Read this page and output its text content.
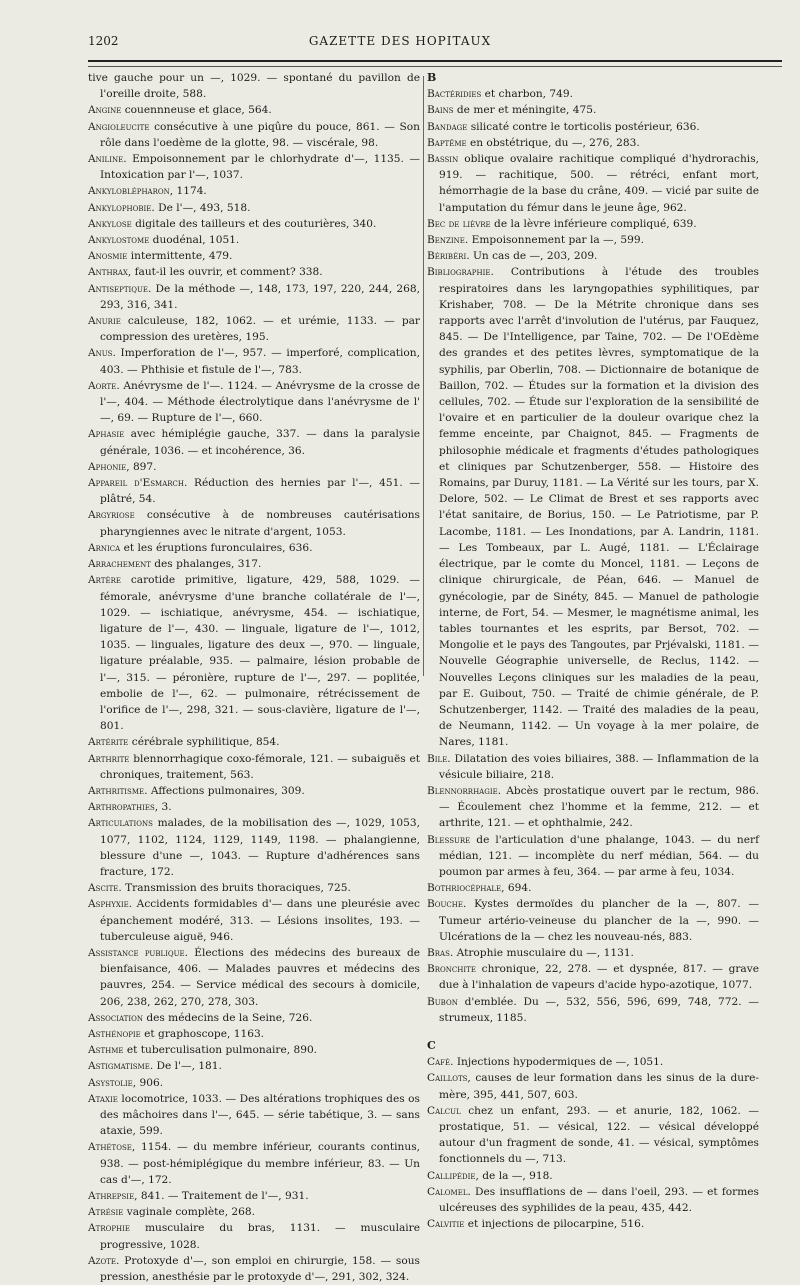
1202	GAZETTE DES HOPITAUX

tive gauche pour un —, 1029. — spontané du pavillon de l'oreille droite, 588.

Angine couennneuse et glace, 564.

Angioleucite consécutive à une piqûre du pouce, 861. — Son rôle dans l'oedème de la glotte, 98. — viscérale, 98.

Aniline. Empoisonnement par le chlorhydrate d'—, 1135. — Intoxication par l'—, 1037.

Ankyloblépharon, 1174.

Ankylophobie. De l'—, 493, 518.

Ankylose digitale des tailleurs et des couturières, 340.

Ankylostome duodénal, 1051.

Anosmie intermittente, 479.

Anthrax, faut-il les ouvrir, et comment? 338.

Antiseptique. De la méthode —, 148, 173, 197, 220, 244, 268, 293, 316, 341.

Anurie calculeuse, 182, 1062. — et urémie, 1133. — par compression des uretères, 195.

Anus. Imperforation de l'—, 957. — imperforé, complication, 403. — Phthisie et fistule de l'—, 783.

Aorte. Anévrysme de l'—. 1124. — Anévrysme de la crosse de l'—, 404. — Méthode électrolytique dans l'anévrysme de l' —, 69. — Rupture de l'—, 660.

Aphasie avec hémiplégie gauche, 337. — dans la paralysie générale, 1036. — et incohérence, 36.

Aphonie, 897.

Appareil d'Esmarch. Réduction des hernies par l'—, 451. — plâtré, 54.

Argyriose consécutive à de nombreuses cautérisations pharyngiennes avec le nitrate d'argent, 1053.

Arnica et les éruptions furonculaires, 636.

Arrachement des phalanges, 317.

Artère carotide primitive, ligature, 429, 588, 1029. — fémorale, anévrysme d'une branche collatérale de l'—, 1029. — ischiatique, anévrysme, 454. — ischiatique, ligature de l'—, 430. — linguale, ligature de l'—, 1012, 1035. — linguales, ligature des deux —, 970. — linguale, ligature préalable, 935. — palmaire, lésion probable de l'—, 315. — péronière, rupture de l'—, 297. — poplitée, embolie de l'—, 62. — pulmonaire, rétrécissement de l'orifice de l'—, 298, 321. — sous-clavière, ligature de l'—, 801.

Artérite cérébrale syphilitique, 854.

Arthrite blennorrhagique coxo-fémorale, 121. — subaiguës et chroniques, traitement, 563.

Arthritisme. Affections pulmonaires, 309.

Arthropathies, 3.

Articulations malades, de la mobilisation des —, 1029, 1053, 1077, 1102, 1124, 1129, 1149, 1198. — phalangienne, blessure d'une —, 1043. — Rupture d'adhérences sans fracture, 172.

Ascite. Transmission des bruits thoraciques, 725.

Asphyxie. Accidents formidables d'— dans une pleurésie avec épanchement modéré, 313. — Lésions insolites, 193. — tuberculeuse aiguë, 946.

Assistance publique. Élections des médecins des bureaux de bienfaisance, 406. — Malades pauvres et médecins des pauvres, 254. — Service médical des secours à domicile, 206, 238, 262, 270, 278, 303.

Association des médecins de la Seine, 726.

Asthénopie et graphoscope, 1163.

Asthme et tuberculisation pulmonaire, 890.

Astigmatisme. De l'—, 181.

Asystolie, 906.

Ataxie locomotrice, 1033. — Des altérations trophiques des os des mâchoires dans l'—, 645. — série tabétique, 3. — sans ataxie, 599.

Athétose, 1154. — du membre inférieur, courants continus, 938. — post-hémiplégique du membre inférieur, 83. — Un cas d'—, 172.

Athrepsie, 841. — Traitement de l'—, 931.

Atrésie vaginale complète, 268.

Atrophie musculaire du bras, 1131. — musculaire progressive, 1028.

Azote. Protoxyde d'—, son emploi en chirurgie, 158. — sous pression, anesthésie par le protoxyde d'—, 291, 302, 324.

B

Bactéridies et charbon, 749.

Bains de mer et méningite, 475.

Bandage silicaté contre le torticolis postérieur, 636.

Baptême en obstétrique, du —, 276, 283.

Bassin oblique ovalaire rachitique compliqué d'hydrorachis, 919. — rachitique, 500. — rétréci, enfant mort, hémorrhagie de la base du crâne, 409. — vicié par suite de l'amputation du fémur dans le jeune âge, 962.

Bec de lièvre de la lèvre inférieure compliqué, 639.

Benzine. Empoisonnement par la —, 599.

Béribéri. Un cas de —, 203, 209.

Bibliographie. Contributions à l'étude des troubles respiratoires dans les laryngopathies syphilitiques, par Krishaber, 708. — De la Métrite chronique dans ses rapports avec l'arrêt d'involution de l'utérus, par Fauquez, 845. — De l'Intelligence, par Taine, 702. — De l'OEdème des grandes et des petites lèvres, symptomatique de la syphilis, par Oberlin, 708. — Dictionnaire de botanique de Baillon, 702. — Études sur la formation et la division des cellules, 702. — Étude sur l'exploration de la sensibilité de l'ovaire et en particulier de la douleur ovarique chez la femme enceinte, par Chaignot, 845. — Fragments de philosophie médicale et fragments d'études pathologiques et cliniques par Schutzenberger, 558. — Histoire des Romains, par Duruy, 1181. — La Vérité sur les tours, par X. Delore, 502. — Le Climat de Brest et ses rapports avec l'état sanitaire, de Borius, 150. — Le Patriotisme, par P. Lacombe, 1181. — Les Inondations, par A. Landrin, 1181. — Les Tombeaux, par L. Augé, 1181. — L'Éclairage électrique, par le comte du Moncel, 1181. — Leçons de clinique chirurgicale, de Péan, 646. — Manuel de gynécologie, par de Sinéty, 845. — Manuel de pathologie interne, de Fort, 54. — Mesmer, le magnétisme animal, les tables tournantes et les esprits, par Bersot, 702. — Mongolie et le pays des Tangoutes, par Prjévalski, 1181. — Nouvelle Géographie universelle, de Reclus, 1142. — Nouvelles Leçons cliniques sur les maladies de la peau, par E. Guibout, 750. — Traité de chimie générale, de P. Schutzenberger, 1142. — Traité des maladies de la peau, de Neumann, 1142. — Un voyage à la mer polaire, de Nares, 1181.

Bile. Dilatation des voies biliaires, 388. — Inflammation de la vésicule biliaire, 218.

Blennorrhagie. Abcès prostatique ouvert par le rectum, 986. — Écoulement chez l'homme et la femme, 212. — et arthrite, 121. — et ophthalmie, 242.

Blessure de l'articulation d'une phalange, 1043. — du nerf médian, 121. — incomplète du nerf médian, 564. — du poumon par armes à feu, 364. — par arme à feu, 1034.

Bothriocéphale, 694.

Bouche. Kystes dermoïdes du plancher de la —, 807. — Tumeur artério-veineuse du plancher de la —, 990. — Ulcérations de la — chez les nouveau-nés, 883.

Bras. Atrophie musculaire du —, 1131.

Bronchite chronique, 22, 278. — et dyspnée, 817. — grave due à l'inhalation de vapeurs d'acide hypo-azotique, 1077.

Bubon d'emblée. Du —, 532, 556, 596, 699, 748, 772. — strumeux, 1185.

C

Café. Injections hypodermiques de —, 1051.

Caillots, causes de leur formation dans les sinus de la dure-mère, 395, 441, 507, 603.

Calcul chez un enfant, 293. — et anurie, 182, 1062. — prostatique, 51. — vésical, 122. — vésical développé autour d'un fragment de sonde, 41. — vésical, symptômes fonctionnels du —, 713.

Callipédie, de la —, 918.

Calomel. Des insufflations de — dans l'oeil, 293. — et formes ulcéreuses des syphilides de la peau, 435, 442.

Calvitie et injections de pilocarpine, 516.
